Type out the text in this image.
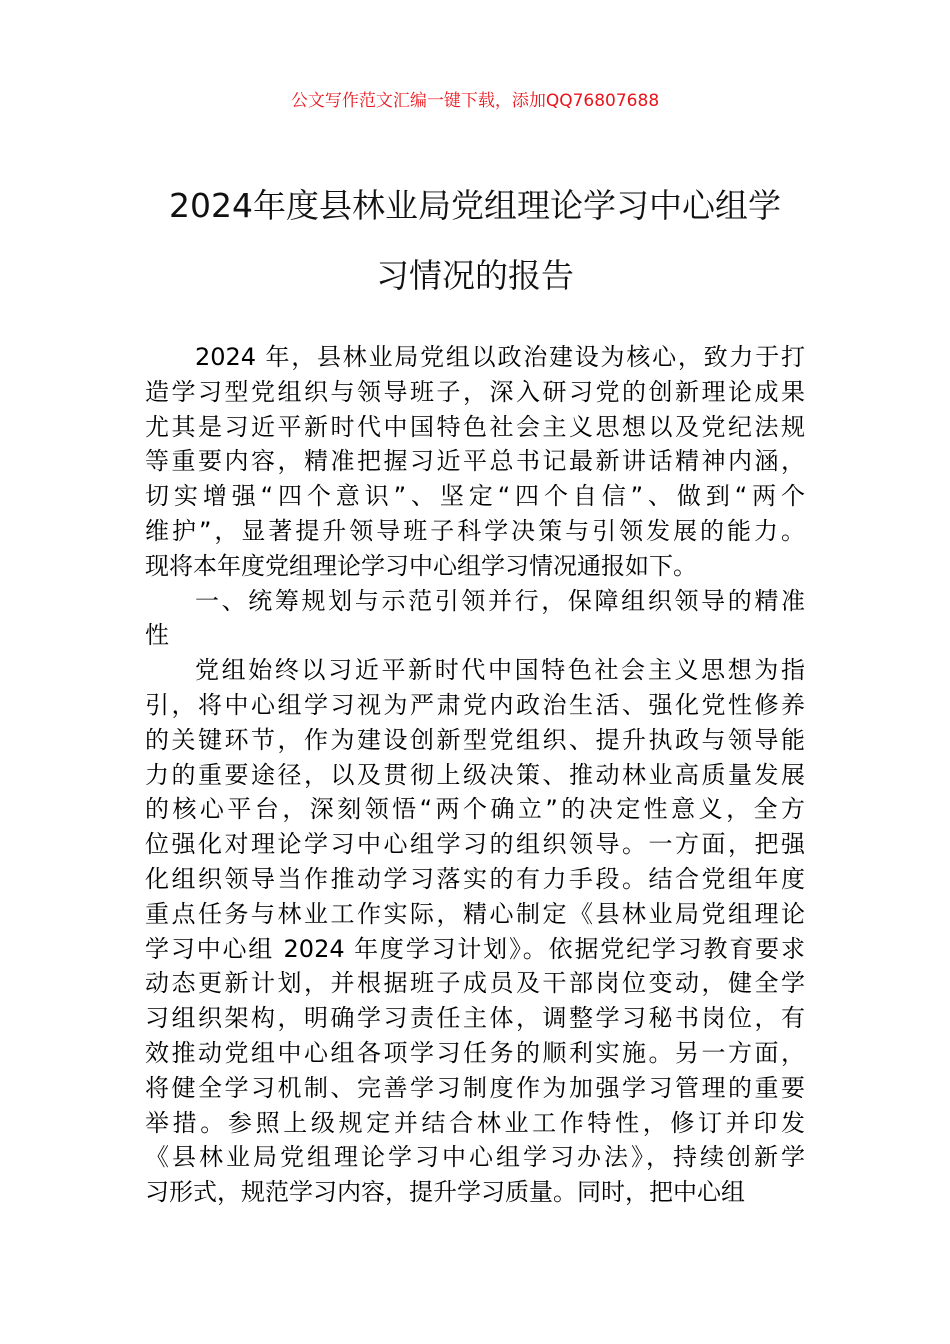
公文写作范文汇编一键下载，添加QQ76807688
2024年度县林业局党组理论学习中心组学
习情况的报告
2024 年，县林业局党组以政治建设为核心，致力于打
造学习型党组织与领导班子，深入研习党的创新理论成果
尤其是习近平新时代中国特色社会主义思想以及党纪法规
等重要内容，精准把握习近平总书记最新讲话精神内涵，
切实增强“四个意识”、坚定“四个自信”、做到“两个
维护”，显著提升领导班子科学决策与引领发展的能力。
现将本年度党组理论学习中心组学习情况通报如下。
一、统筹规划与示范引领并行，保障组织领导的精准
性
党组始终以习近平新时代中国特色社会主义思想为指
引，将中心组学习视为严肃党内政治生活、强化党性修养
的关键环节，作为建设创新型党组织、提升执政与领导能
力的重要途径，以及贯彻上级决策、推动林业高质量发展
的核心平台，深刻领悟“两个确立”的决定性意义，全方
位强化对理论学习中心组学习的组织领导。一方面，把强
化组织领导当作推动学习落实的有力手段。结合党组年度
重点任务与林业工作实际，精心制定《县林业局党组理论
学习中心组 2024 年度学习计划》。依据党纪学习教育要求
动态更新计划，并根据班子成员及干部岗位变动，健全学
习组织架构，明确学习责任主体，调整学习秘书岗位，有
效推动党组中心组各项学习任务的顺利实施。另一方面，
将健全学习机制、完善学习制度作为加强学习管理的重要
举措。参照上级规定并结合林业工作特性，修订并印发
《县林业局党组理论学习中心组学习办法》，持续创新学
习形式，规范学习内容，提升学习质量。同时，把中心组
